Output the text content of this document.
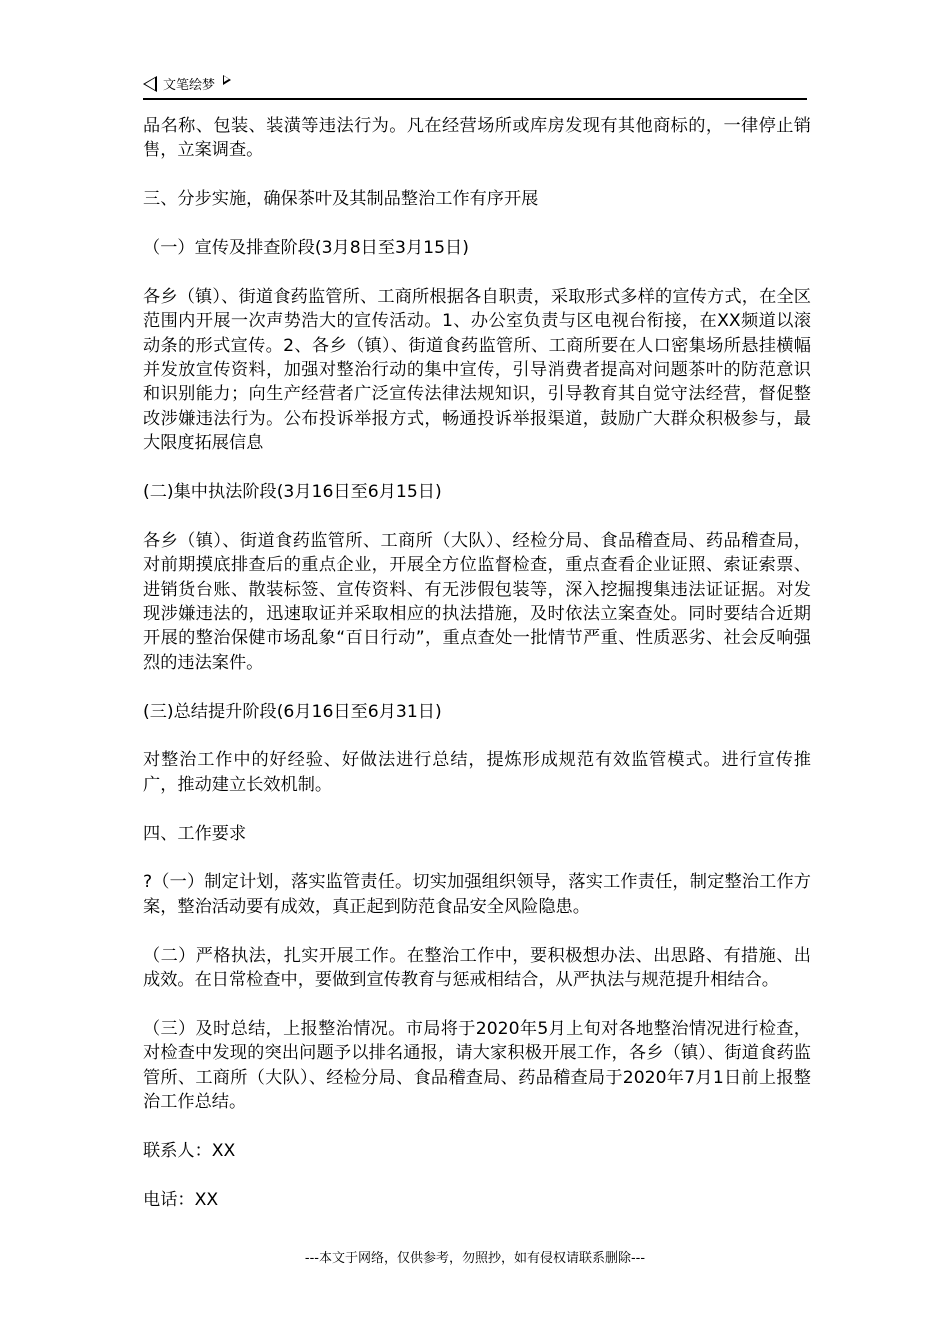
文笔绘梦

品名称、包装、装潢等违法行为。凡在经营场所或库房发现有其他商标的，一律停止销售，立案调查。

三、分步实施，确保茶叶及其制品整治工作有序开展

（一）宣传及排查阶段(3月8日至3月15日)

各乡（镇）、街道食药监管所、工商所根据各自职责，采取形式多样的宣传方式，在全区范围内开展一次声势浩大的宣传活动。1、办公室负责与区电视台衔接，在XX频道以滚动条的形式宣传。2、各乡（镇）、街道食药监管所、工商所要在人口密集场所悬挂横幅并发放宣传资料，加强对整治行动的集中宣传，引导消费者提高对问题茶叶的防范意识和识别能力；向生产经营者广泛宣传法律法规知识，引导教育其自觉守法经营，督促整改涉嫌违法行为。公布投诉举报方式，畅通投诉举报渠道，鼓励广大群众积极参与，最大限度拓展信息

(二)集中执法阶段(3月16日至6月15日)

各乡（镇）、街道食药监管所、工商所（大队）、经检分局、食品稽查局、药品稽查局，对前期摸底排查后的重点企业，开展全方位监督检查，重点查看企业证照、索证索票、进销货台账、散装标签、宣传资料、有无涉假包装等，深入挖掘搜集违法证证据。对发现涉嫌违法的，迅速取证并采取相应的执法措施，及时依法立案查处。同时要结合近期开展的整治保健市场乱象“百日行动”，重点查处一批情节严重、性质恶劣、社会反响强烈的违法案件。

(三)总结提升阶段(6月16日至6月31日)

对整治工作中的好经验、好做法进行总结，提炼形成规范有效监管模式。进行宣传推广，推动建立长效机制。

四、工作要求

?（一）制定计划，落实监管责任。切实加强组织领导，落实工作责任，制定整治工作方案，整治活动要有成效，真正起到防范食品安全风险隐患。

（二）严格执法，扎实开展工作。在整治工作中，要积极想办法、出思路、有措施、出成效。在日常检查中，要做到宣传教育与惩戒相结合，从严执法与规范提升相结合。

（三）及时总结，上报整治情况。市局将于2020年5月上旬对各地整治情况进行检查，对检查中发现的突出问题予以排名通报，请大家积极开展工作，各乡（镇）、街道食药监管所、工商所（大队）、经检分局、食品稽查局、药品稽查局于2020年7月1日前上报整治工作总结。

联系人：XX

电话：XX

---本文于网络，仅供参考，勿照抄，如有侵权请联系删除---
